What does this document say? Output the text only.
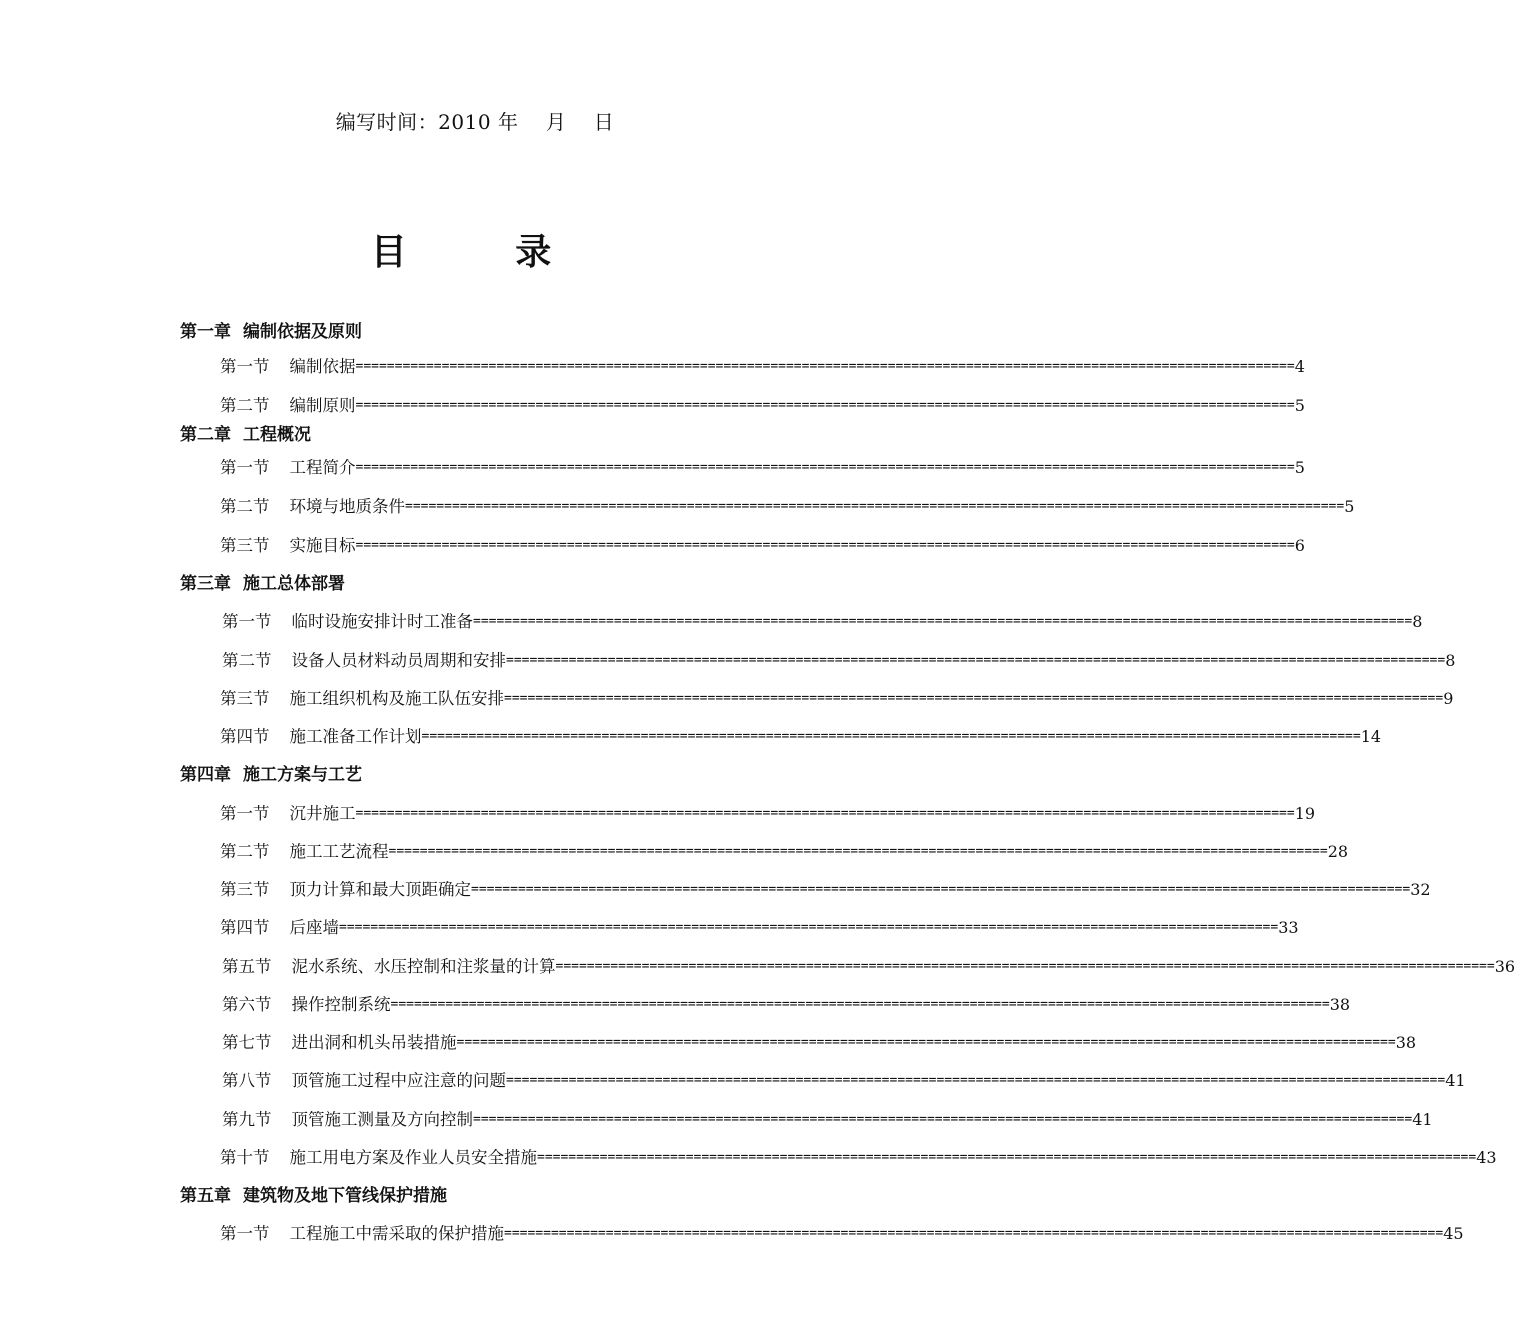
编写时间：2010 年    月    日
目 录
第一章 编制依据及原则
第一节 编制依据 ======================================================================================================================== 4
第二节 编制原则 ======================================================================================================================== 5
第二章 工程概况
第一节 工程简介 ======================================================================================================================== 5
第二节 环境与地质条件 ======================================================================================================================== 5
第三节 实施目标 ======================================================================================================================== 6
第三章 施工总体部署
第一节 临时设施安排计时工准备 ======================================================================================================================== 8
第二节 设备人员材料动员周期和安排 ======================================================================================================================== 8
第三节 施工组织机构及施工队伍安排 ======================================================================================================================== 9
第四节 施工准备工作计划 ======================================================================================================================== 14
第四章 施工方案与工艺
第一节 沉井施工 ======================================================================================================================== 19
第二节 施工工艺流程 ======================================================================================================================== 28
第三节 顶力计算和最大顶距确定 ======================================================================================================================== 32
第四节 后座墙 ======================================================================================================================== 33
第五节 泥水系统、水压控制和注浆量的计算 ======================================================================================================================== 36
第六节 操作控制系统 ======================================================================================================================== 38
第七节 进出洞和机头吊装措施 ======================================================================================================================== 38
第八节 顶管施工过程中应注意的问题 ======================================================================================================================== 41
第九节 顶管施工测量及方向控制 ======================================================================================================================== 41
第十节 施工用电方案及作业人员安全措施 ======================================================================================================================== 43
第五章 建筑物及地下管线保护措施
第一节 工程施工中需采取的保护措施 ======================================================================================================================== 45
